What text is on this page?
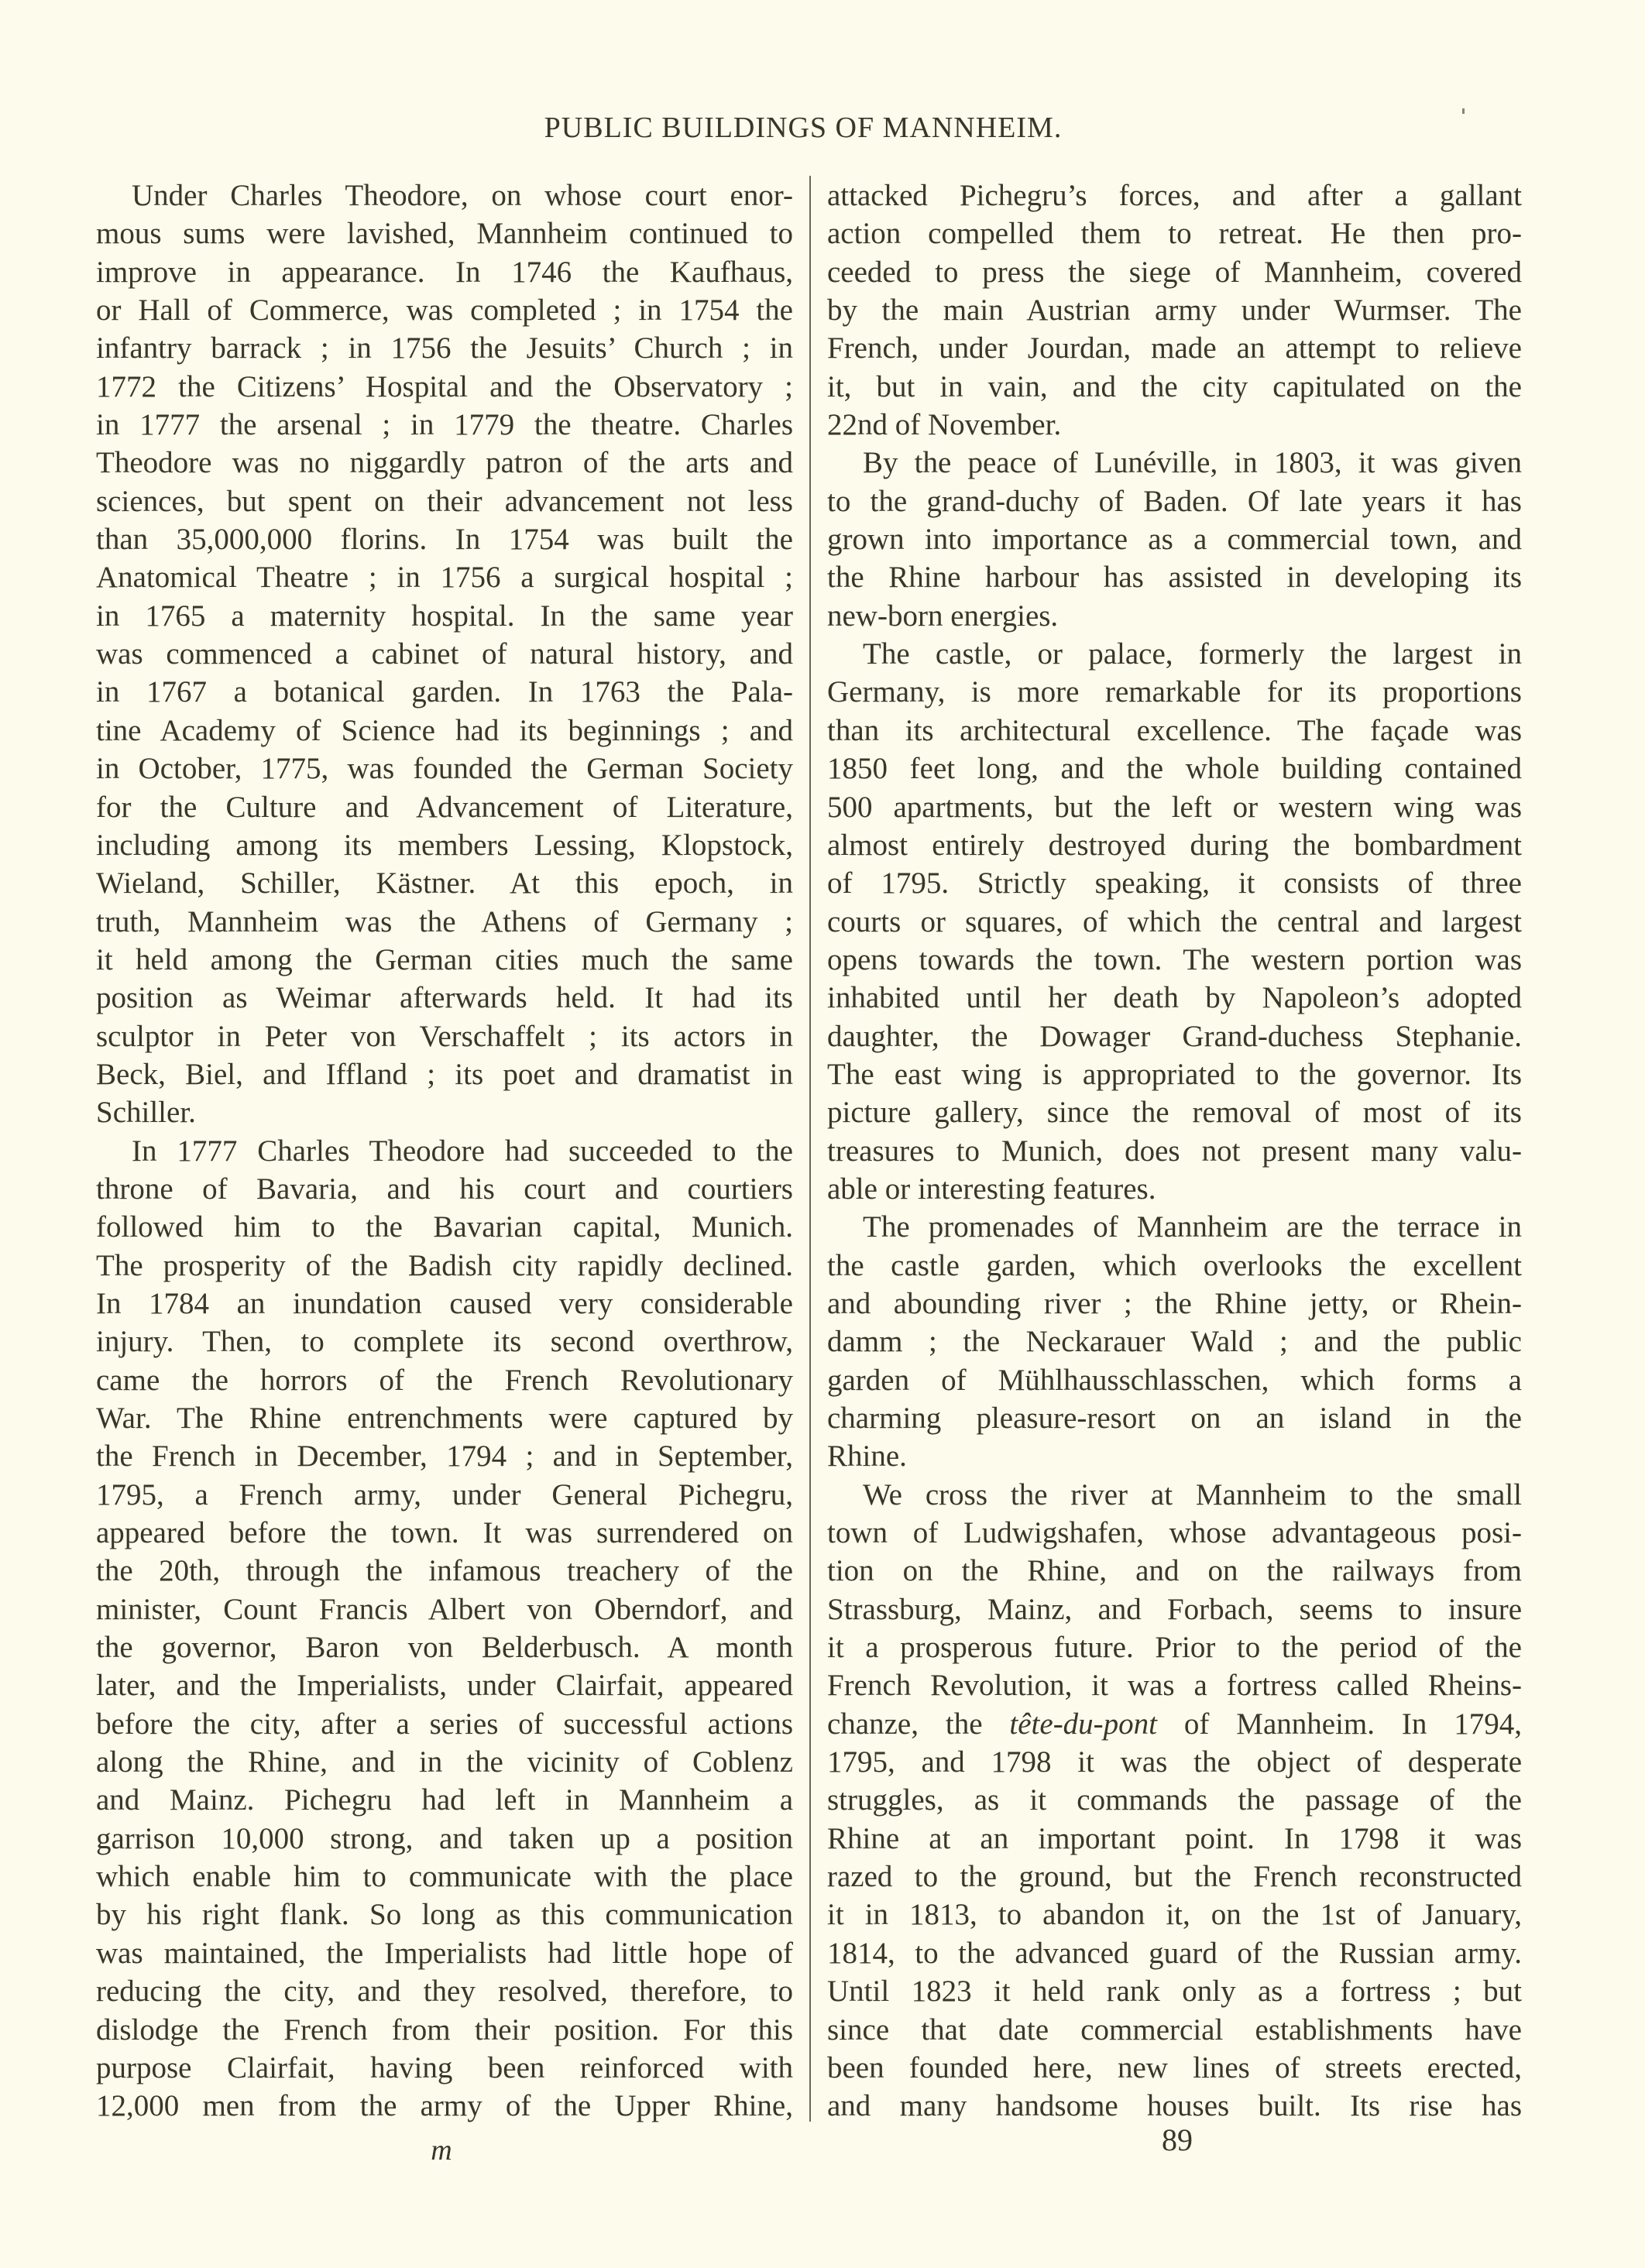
PUBLIC BUILDINGS OF MANNHEIM.
Under Charles Theodore, on whose court enor-
mous sums were lavished, Mannheim continued to
improve in appearance. In 1746 the Kaufhaus,
or Hall of Commerce, was completed ; in 1754 the
infantry barrack ; in 1756 the Jesuits’ Church ; in
1772 the Citizens’ Hospital and the Observatory ;
in 1777 the arsenal ; in 1779 the theatre. Charles
Theodore was no niggardly patron of the arts and
sciences, but spent on their advancement not less
than 35,000,000 florins. In 1754 was built the
Anatomical Theatre ; in 1756 a surgical hospital ;
in 1765 a maternity hospital. In the same year
was commenced a cabinet of natural history, and
in 1767 a botanical garden. In 1763 the Pala-
tine Academy of Science had its beginnings ; and
in October, 1775, was founded the German Society
for the Culture and Advancement of Literature,
including among its members Lessing, Klopstock,
Wieland, Schiller, Kästner. At this epoch, in
truth, Mannheim was the Athens of Germany ;
it held among the German cities much the same
position as Weimar afterwards held. It had its
sculptor in Peter von Verschaffelt ; its actors in
Beck, Biel, and Iffland ; its poet and dramatist in
Schiller.
In 1777 Charles Theodore had succeeded to the
throne of Bavaria, and his court and courtiers
followed him to the Bavarian capital, Munich.
The prosperity of the Badish city rapidly declined.
In 1784 an inundation caused very considerable
injury. Then, to complete its second overthrow,
came the horrors of the French Revolutionary
War. The Rhine entrenchments were captured by
the French in December, 1794 ; and in September,
1795, a French army, under General Pichegru,
appeared before the town. It was surrendered on
the 20th, through the infamous treachery of the
minister, Count Francis Albert von Oberndorf, and
the governor, Baron von Belderbusch. A month
later, and the Imperialists, under Clairfait, appeared
before the city, after a series of successful actions
along the Rhine, and in the vicinity of Coblenz
and Mainz. Pichegru had left in Mannheim a
garrison 10,000 strong, and taken up a position
which enable him to communicate with the place
by his right flank. So long as this communication
was maintained, the Imperialists had little hope of
reducing the city, and they resolved, therefore, to
dislodge the French from their position. For this
purpose Clairfait, having been reinforced with
12,000 men from the army of the Upper Rhine,
attacked Pichegru’s forces, and after a gallant
action compelled them to retreat. He then pro-
ceeded to press the siege of Mannheim, covered
by the main Austrian army under Wurmser. The
French, under Jourdan, made an attempt to relieve
it, but in vain, and the city capitulated on the
22nd of November.
By the peace of Lunéville, in 1803, it was given
to the grand-duchy of Baden. Of late years it has
grown into importance as a commercial town, and
the Rhine harbour has assisted in developing its
new-born energies.
The castle, or palace, formerly the largest in
Germany, is more remarkable for its proportions
than its architectural excellence. The façade was
1850 feet long, and the whole building contained
500 apartments, but the left or western wing was
almost entirely destroyed during the bombardment
of 1795. Strictly speaking, it consists of three
courts or squares, of which the central and largest
opens towards the town. The western portion was
inhabited until her death by Napoleon’s adopted
daughter, the Dowager Grand-duchess Stephanie.
The east wing is appropriated to the governor. Its
picture gallery, since the removal of most of its
treasures to Munich, does not present many valu-
able or interesting features.
The promenades of Mannheim are the terrace in
the castle garden, which overlooks the excellent
and abounding river ; the Rhine jetty, or Rhein-
damm ; the Neckarauer Wald ; and the public
garden of Mühlhausschlasschen, which forms a
charming pleasure-resort on an island in the
Rhine.
We cross the river at Mannheim to the small
town of Ludwigshafen, whose advantageous posi-
tion on the Rhine, and on the railways from
Strassburg, Mainz, and Forbach, seems to insure
it a prosperous future. Prior to the period of the
French Revolution, it was a fortress called Rheins-
chanze, the tête-du-pont of Mannheim. In 1794,
1795, and 1798 it was the object of desperate
struggles, as it commands the passage of the
Rhine at an important point. In 1798 it was
razed to the ground, but the French reconstructed
it in 1813, to abandon it, on the 1st of January,
1814, to the advanced guard of the Russian army.
Until 1823 it held rank only as a fortress ; but
since that date commercial establishments have
been founded here, new lines of streets erected,
and many handsome houses built. Its rise has
m	89
